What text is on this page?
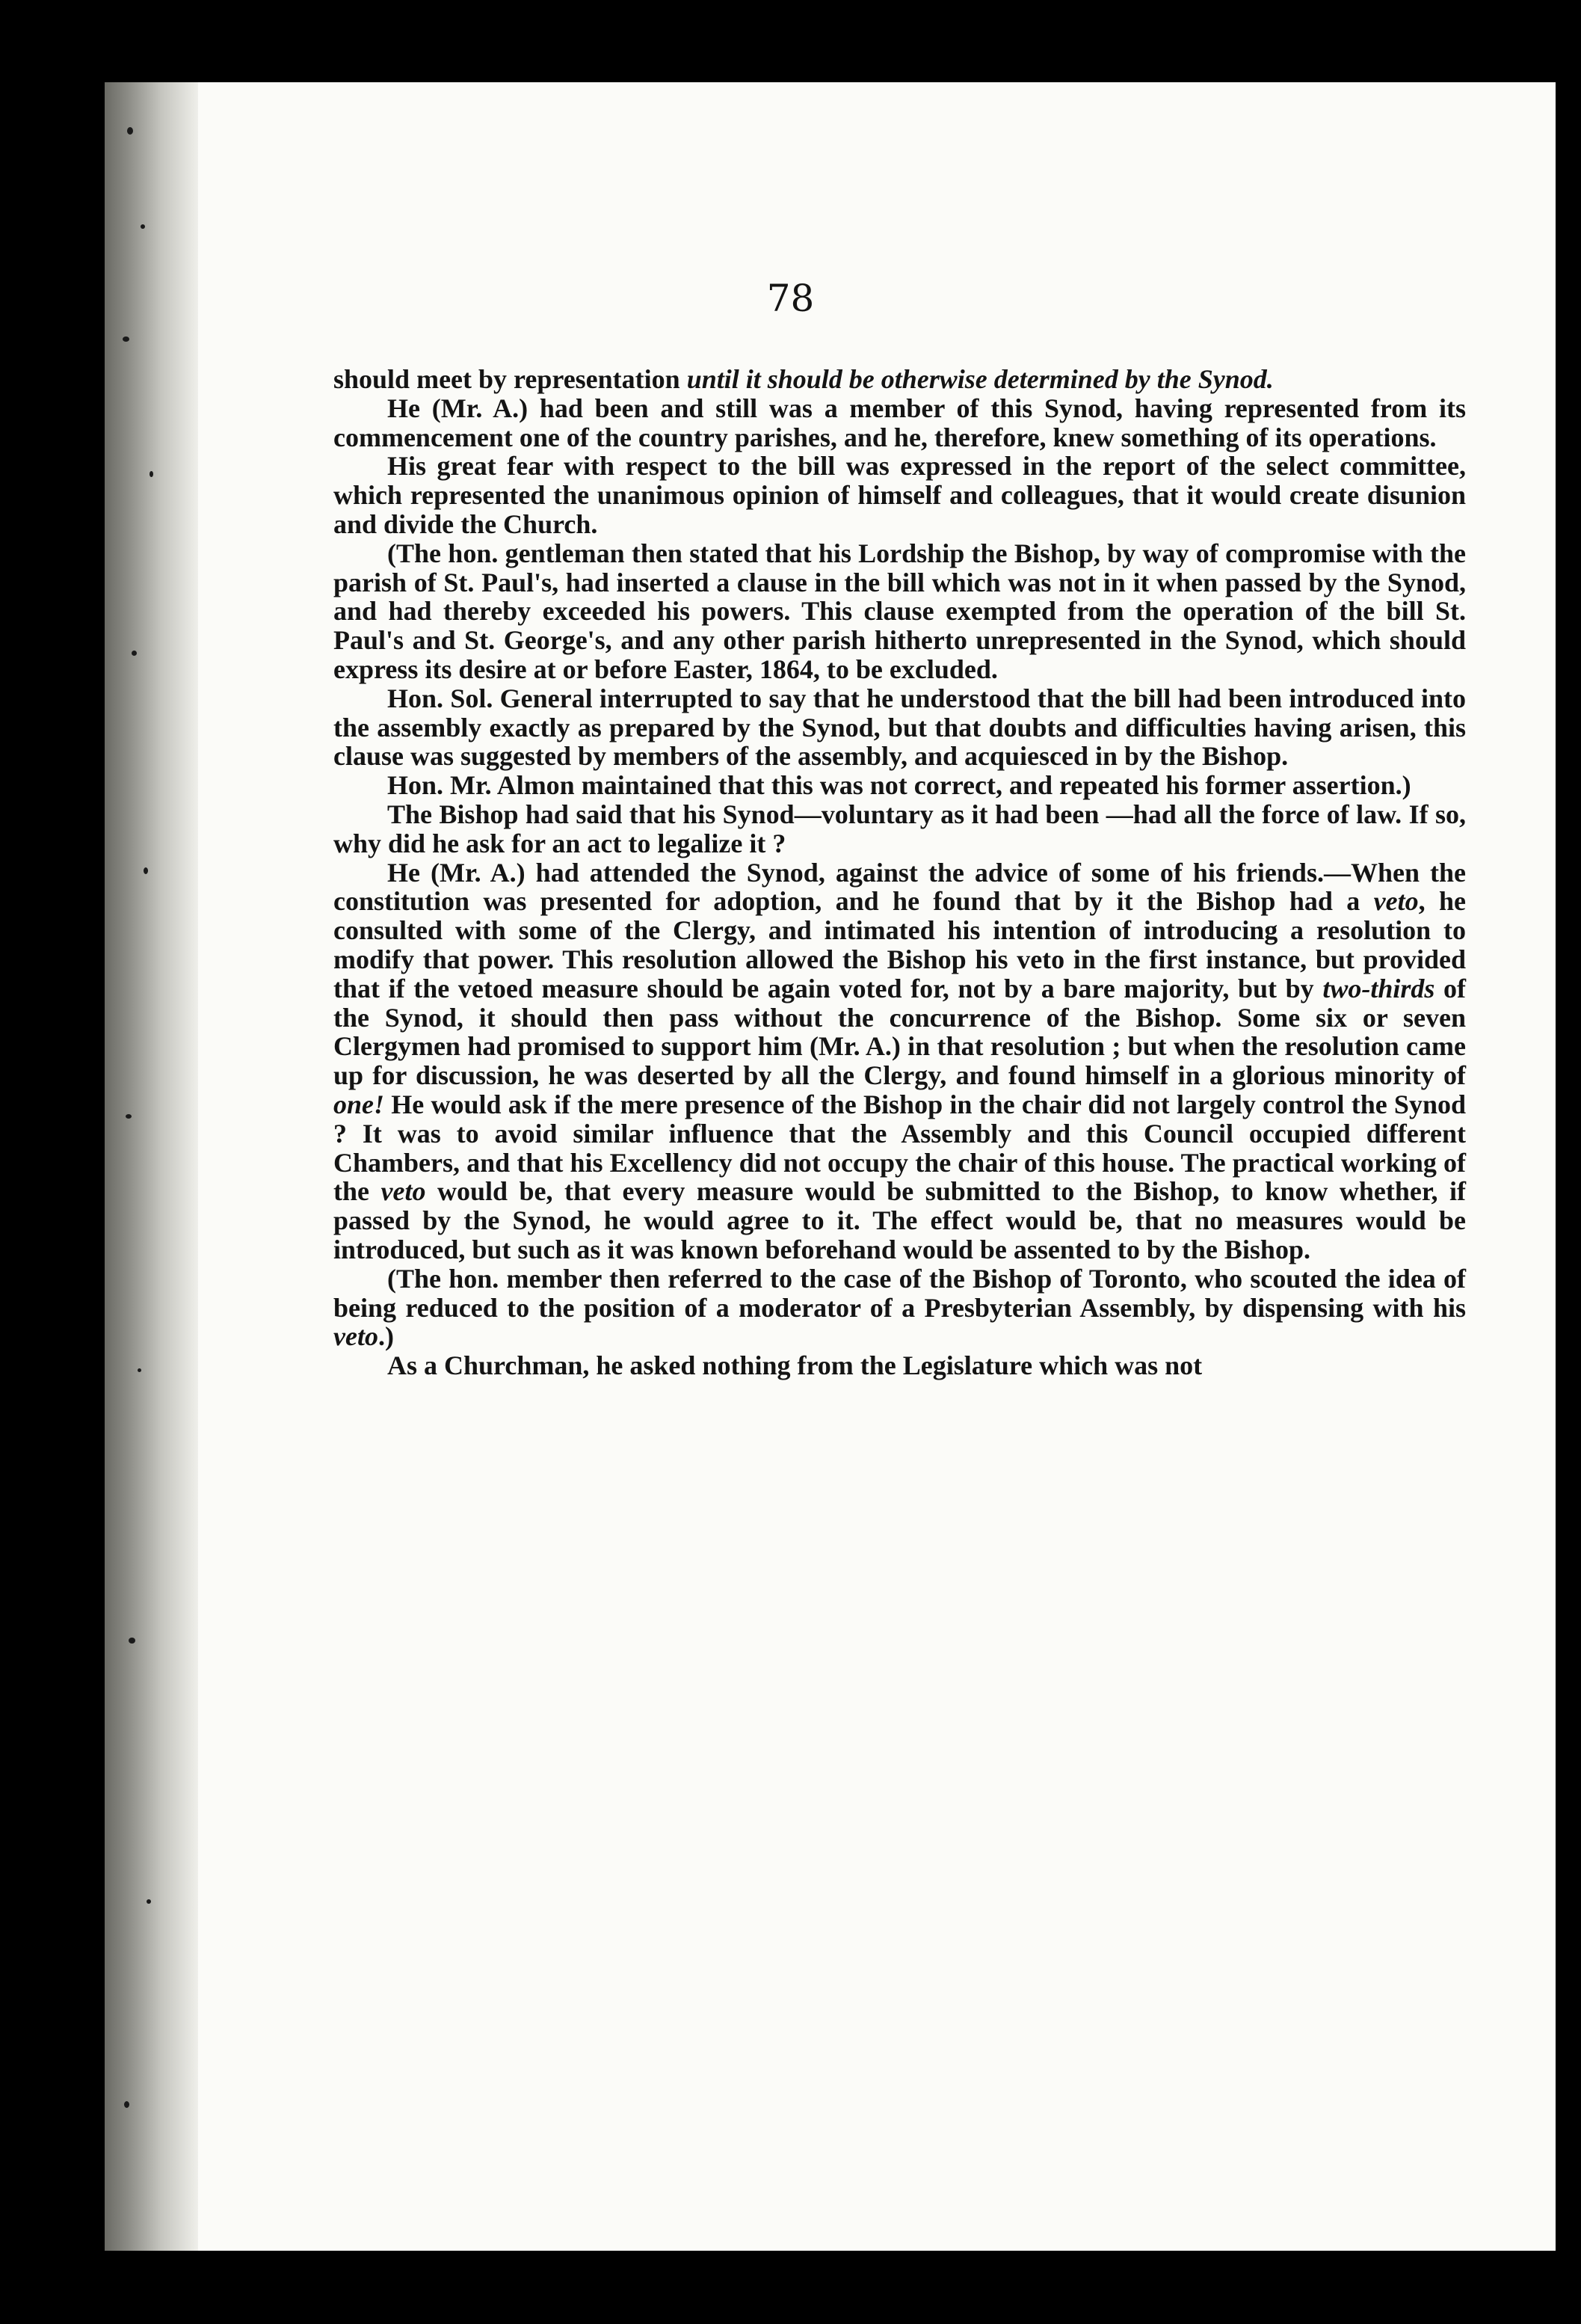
78

should meet by representation until it should be otherwise determined by the Synod.

He (Mr. A.) had been and still was a member of this Synod, having represented from its commencement one of the country parishes, and he, therefore, knew something of its operations.

His great fear with respect to the bill was expressed in the report of the select committee, which represented the unanimous opinion of himself and colleagues, that it would create disunion and divide the Church.

(The hon. gentleman then stated that his Lordship the Bishop, by way of compromise with the parish of St. Paul's, had inserted a clause in the bill which was not in it when passed by the Synod, and had thereby exceeded his powers. This clause exempted from the operation of the bill St. Paul's and St. George's, and any other parish hitherto unrepresented in the Synod, which should express its desire at or before Easter, 1864, to be excluded.

Hon. Sol. General interrupted to say that he understood that the bill had been introduced into the assembly exactly as prepared by the Synod, but that doubts and difficulties having arisen, this clause was suggested by members of the assembly, and acquiesced in by the Bishop.

Hon. Mr. Almon maintained that this was not correct, and repeated his former assertion.)

The Bishop had said that his Synod—voluntary as it had been —had all the force of law. If so, why did he ask for an act to legalize it ?

He (Mr. A.) had attended the Synod, against the advice of some of his friends.—When the constitution was presented for adoption, and he found that by it the Bishop had a veto, he consulted with some of the Clergy, and intimated his intention of introducing a resolution to modify that power. This resolution allowed the Bishop his veto in the first instance, but provided that if the vetoed measure should be again voted for, not by a bare majority, but by two-thirds of the Synod, it should then pass without the concurrence of the Bishop. Some six or seven Clergymen had promised to support him (Mr. A.) in that resolution ; but when the resolution came up for discussion, he was deserted by all the Clergy, and found himself in a glorious minority of one! He would ask if the mere presence of the Bishop in the chair did not largely control the Synod ? It was to avoid similar influence that the Assembly and this Council occupied different Chambers, and that his Excellency did not occupy the chair of this house. The practical working of the veto would be, that every measure would be submitted to the Bishop, to know whether, if passed by the Synod, he would agree to it. The effect would be, that no measures would be introduced, but such as it was known beforehand would be assented to by the Bishop.

(The hon. member then referred to the case of the Bishop of Toronto, who scouted the idea of being reduced to the position of a moderator of a Presbyterian Assembly, by dispensing with his veto.)

As a Churchman, he asked nothing from the Legislature which was not
